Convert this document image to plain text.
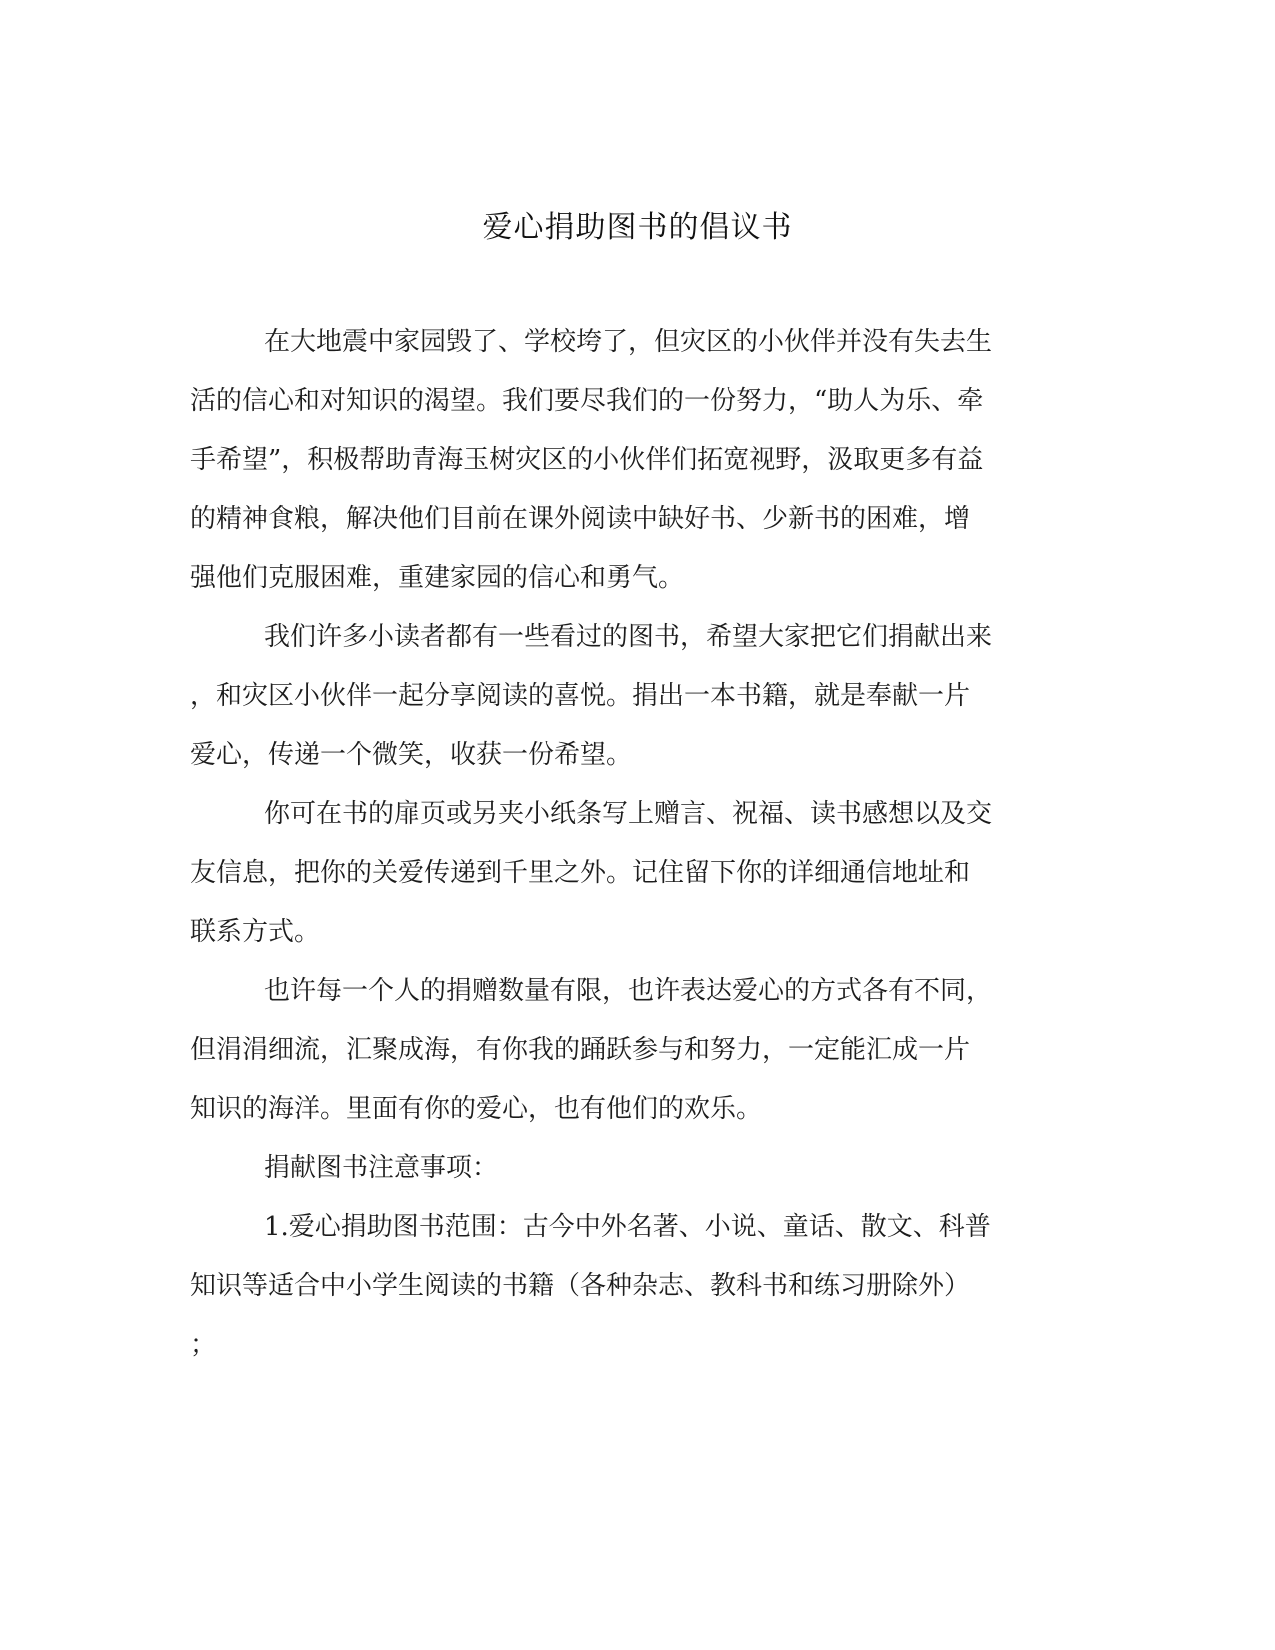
爱心捐助图书的倡议书
在大地震中家园毁了、学校垮了，但灾区的小伙伴并没有失去生
活的信心和对知识的渴望。我们要尽我们的一份努力，“助人为乐、牵
手希望”，积极帮助青海玉树灾区的小伙伴们拓宽视野，汲取更多有益
的精神食粮，解决他们目前在课外阅读中缺好书、少新书的困难，增
强他们克服困难，重建家园的信心和勇气。
我们许多小读者都有一些看过的图书，希望大家把它们捐献出来
，和灾区小伙伴一起分享阅读的喜悦。捐出一本书籍，就是奉献一片
爱心，传递一个微笑，收获一份希望。
你可在书的扉页或另夹小纸条写上赠言、祝福、读书感想以及交
友信息，把你的关爱传递到千里之外。记住留下你的详细通信地址和
联系方式。
也许每一个人的捐赠数量有限，也许表达爱心的方式各有不同，
但涓涓细流，汇聚成海，有你我的踊跃参与和努力，一定能汇成一片
知识的海洋。里面有你的爱心，也有他们的欢乐。
捐献图书注意事项：
1.爱心捐助图书范围：古今中外名著、小说、童话、散文、科普
知识等适合中小学生阅读的书籍（各种杂志、教科书和练习册除外）
；
